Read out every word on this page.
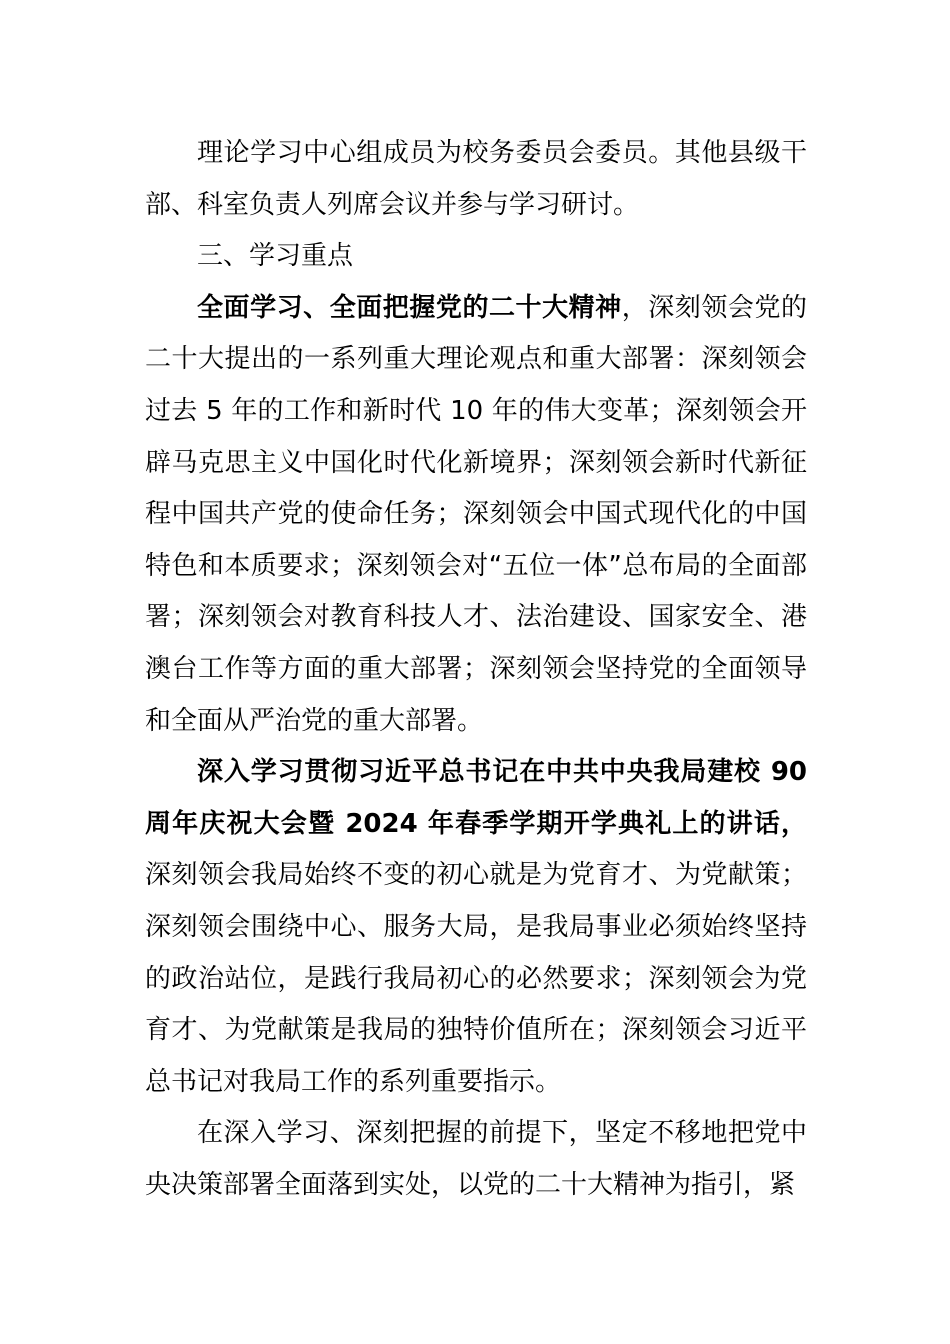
理论学习中心组成员为校务委员会委员。其他县级干部、科室负责人列席会议并参与学习研讨。

三、学习重点

全面学习、全面把握党的二十大精神，深刻领会党的二十大提出的一系列重大理论观点和重大部署：深刻领会过去 5 年的工作和新时代 10 年的伟大变革；深刻领会开辟马克思主义中国化时代化新境界；深刻领会新时代新征程中国共产党的使命任务；深刻领会中国式现代化的中国特色和本质要求；深刻领会对“五位一体”总布局的全面部署；深刻领会对教育科技人才、法治建设、国家安全、港澳台工作等方面的重大部署；深刻领会坚持党的全面领导和全面从严治党的重大部署。

深入学习贯彻习近平总书记在中共中央我局建校 90 周年庆祝大会暨 2024 年春季学期开学典礼上的讲话，深刻领会我局始终不变的初心就是为党育才、为党献策；深刻领会围绕中心、服务大局，是我局事业必须始终坚持的政治站位，是践行我局初心的必然要求；深刻领会为党育才、为党献策是我局的独特价值所在；深刻领会习近平总书记对我局工作的系列重要指示。

在深入学习、深刻把握的前提下，坚定不移地把党中央决策部署全面落到实处，以党的二十大精神为指引，紧
